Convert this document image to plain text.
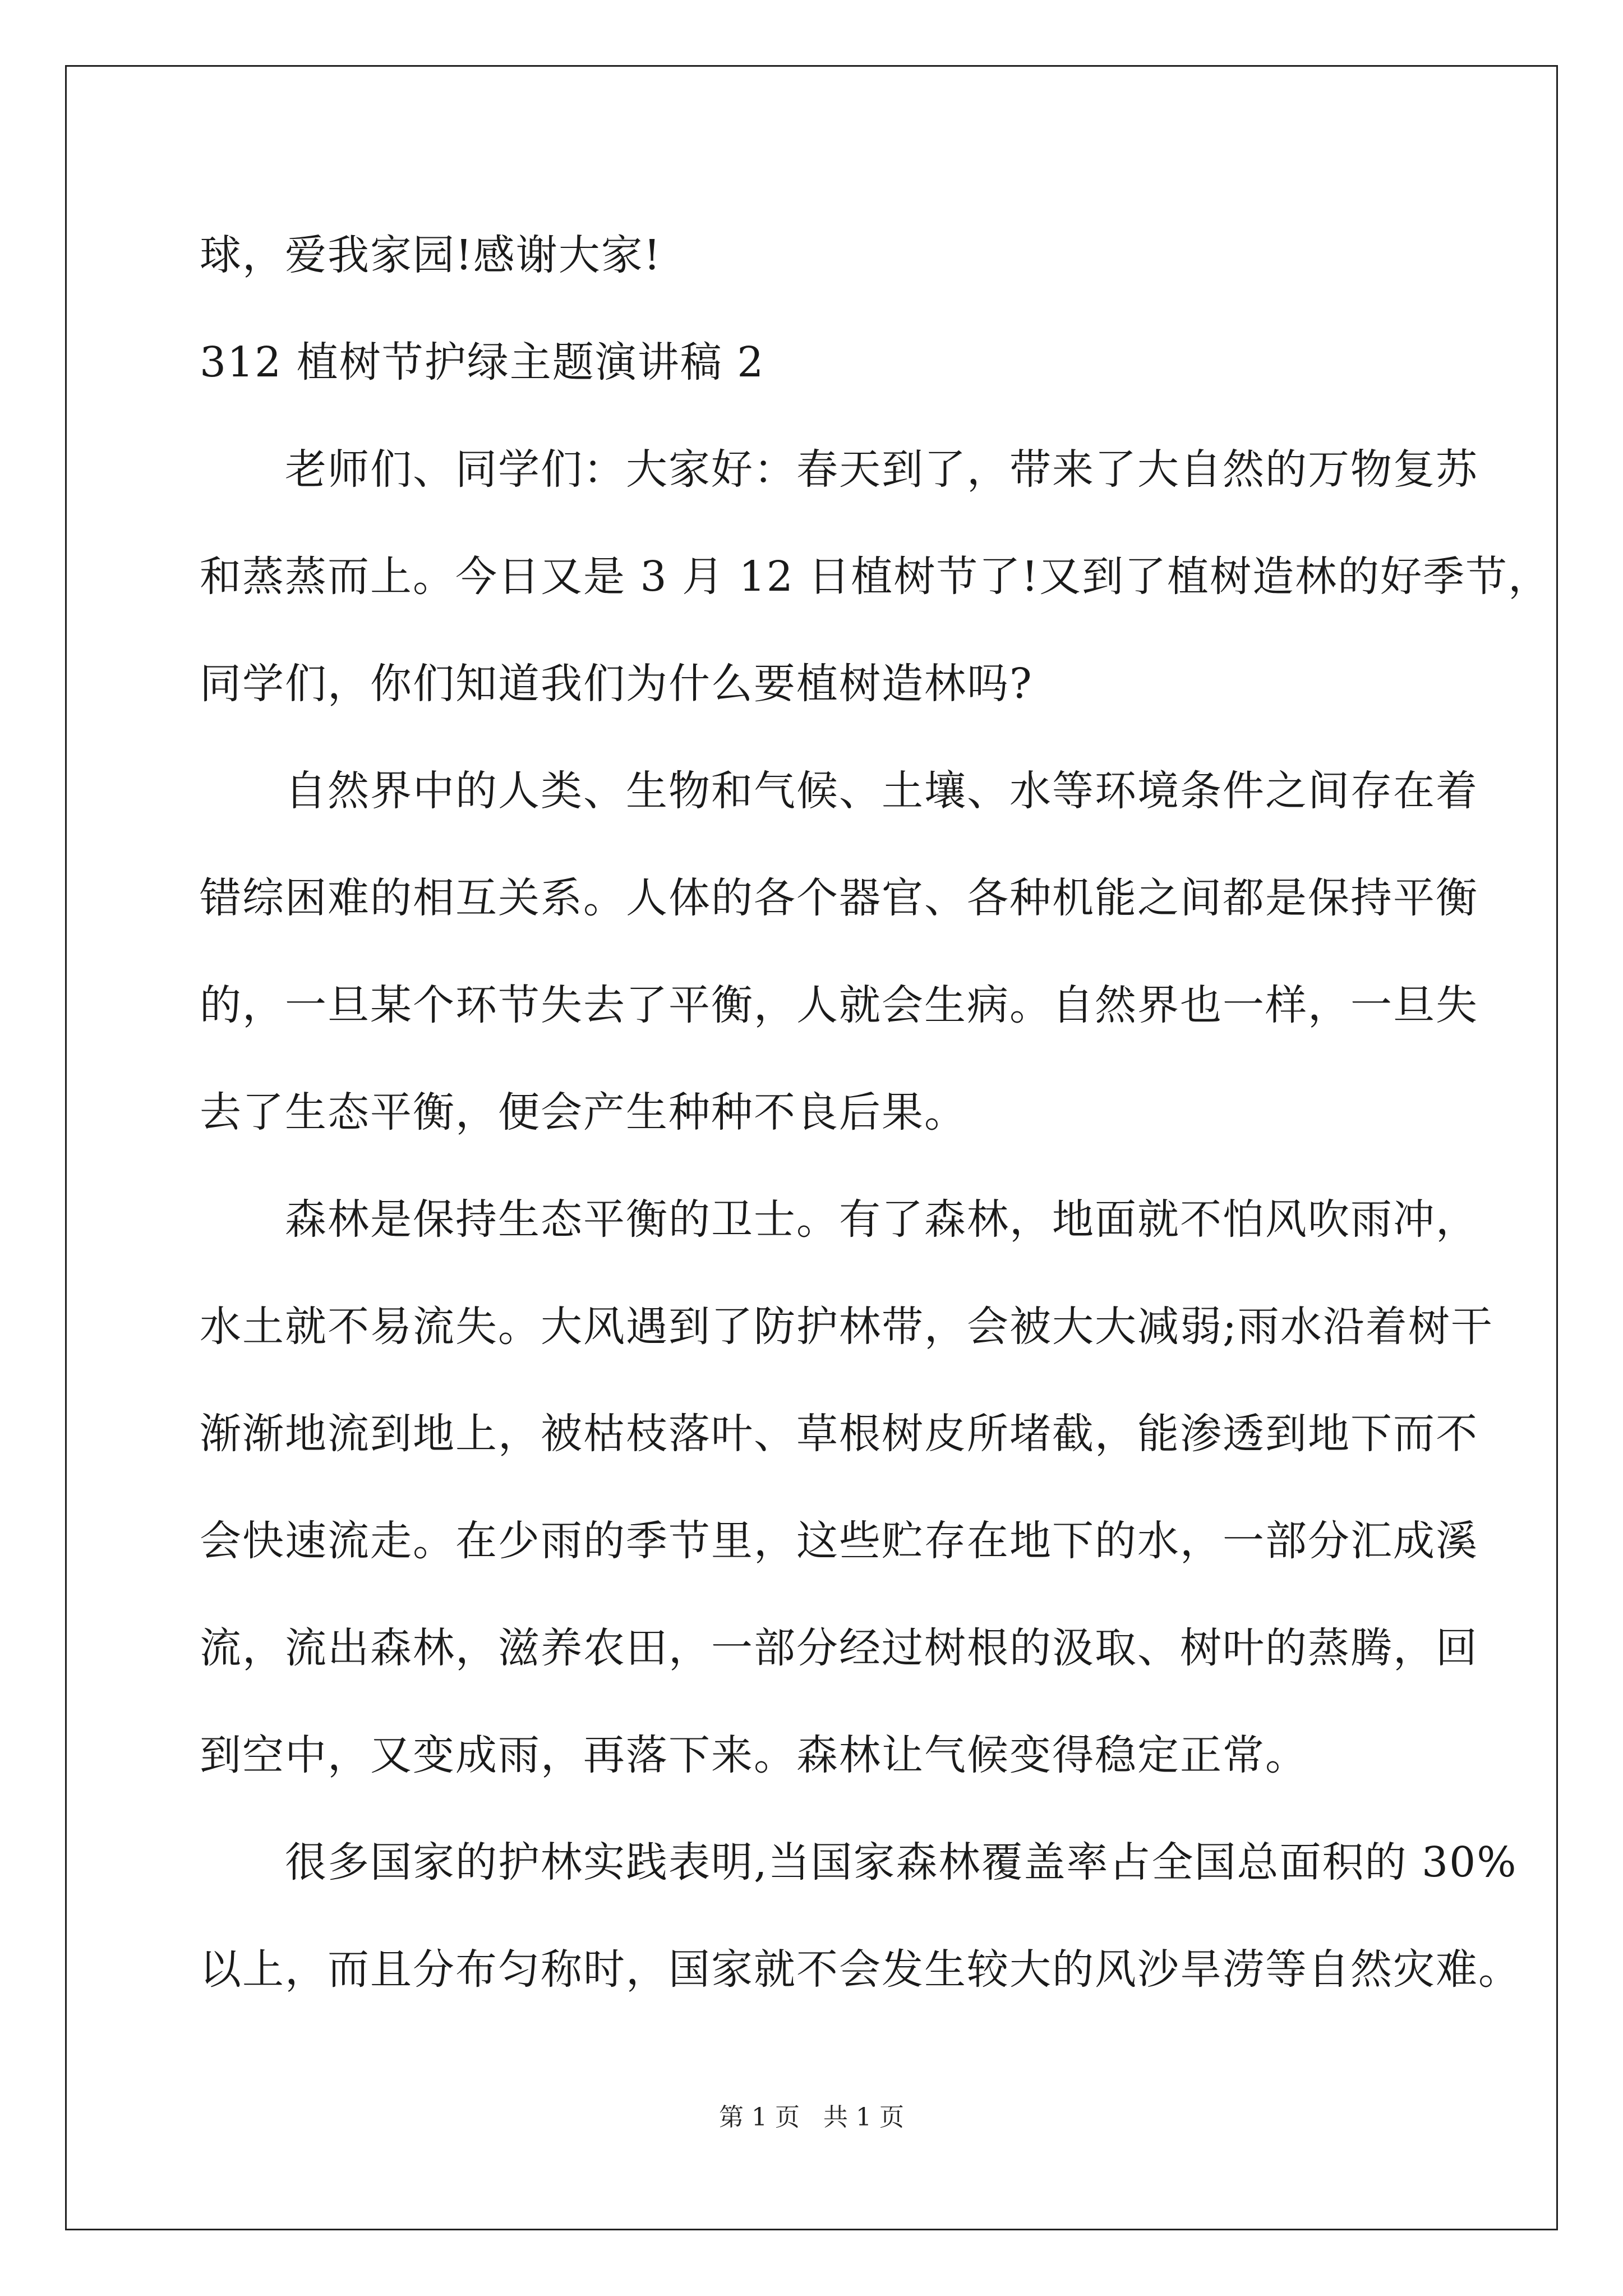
球，爱我家园!感谢大家!
312 植树节护绿主题演讲稿 2
老师们、同学们：大家好：春天到了，带来了大自然的万物复苏
和蒸蒸而上。今日又是 3 月 12 日植树节了!又到了植树造林的好季节，
同学们，你们知道我们为什么要植树造林吗?
自然界中的人类、生物和气候、土壤、水等环境条件之间存在着
错综困难的相互关系。人体的各个器官、各种机能之间都是保持平衡
的，一旦某个环节失去了平衡，人就会生病。自然界也一样，一旦失
去了生态平衡，便会产生种种不良后果。
森林是保持生态平衡的卫士。有了森林，地面就不怕风吹雨冲，
水土就不易流失。大风遇到了防护林带，会被大大减弱;雨水沿着树干
渐渐地流到地上，被枯枝落叶、草根树皮所堵截，能渗透到地下而不
会快速流走。在少雨的季节里，这些贮存在地下的水，一部分汇成溪
流，流出森林，滋养农田，一部分经过树根的汲取、树叶的蒸腾，回
到空中，又变成雨，再落下来。森林让气候变得稳定正常。
很多国家的护林实践表明,当国家森林覆盖率占全国总面积的 30%
以上，而且分布匀称时，国家就不会发生较大的风沙旱涝等自然灾难。
第 1 页   共 1 页
